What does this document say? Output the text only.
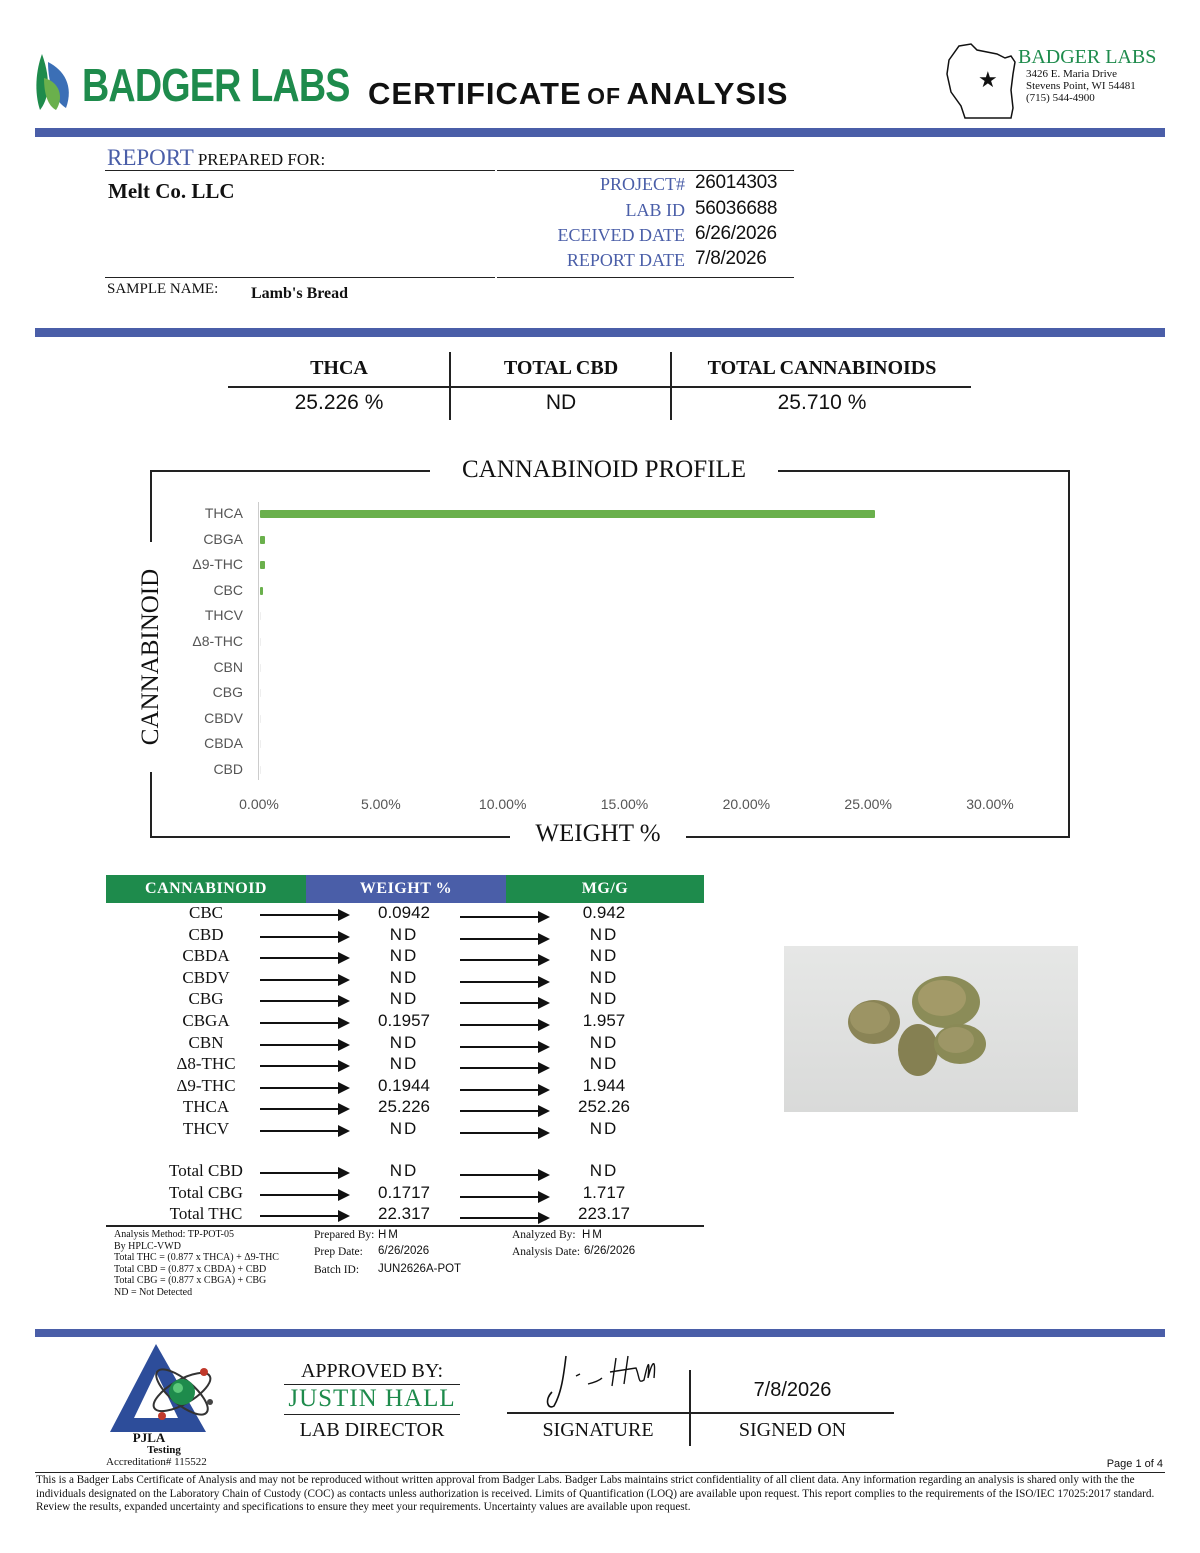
BADGER LABS CERTIFICATE OF ANALYSIS	★
BADGER LABS
3426 E. Maria Drive
Stevens Point, WI 54481
(715) 544-4900
REPORT PREPARED FOR:
Melt Co. LLC	PROJECT# 26014303
LAB ID 56036688
ECEIVED DATE 6/26/2026
REPORT DATE 7/8/2026
SAMPLE NAME: Lamb's Bread
THCA	TOTAL CBD	TOTAL CANNABINOIDS
25.226 %	ND	25.710 %
CANNABINOID PROFILE
WEIGHT %
CANNABINOID
THCA
CBGA
Δ9-THC
CBC
THCV
Δ8-THC
CBN
CBG
CBDV
CBDA
CBD
0.00%	5.00%	10.00%	15.00%	20.00%	25.00%	30.00%
CANNABINOID	WEIGHT %	MG/G
CBC	0.0942	0.942
CBD	ND	ND
CBDA	ND	ND
CBDV	ND	ND
CBG	ND	ND
CBGA	0.1957	1.957
CBN	ND	ND
Δ8-THC	ND	ND
Δ9-THC	0.1944	1.944
THCA	25.226	252.26
THCV	ND	ND
Total CBD	ND	ND
Total CBG	0.1717	1.717
Total THC	22.317	223.17
Analysis Method: TP-POT-05
By HPLC-VWD
Total THC = (0.877 x THCA) + Δ9-THC
Total CBD = (0.877 x CBDA) + CBD
Total CBG = (0.877 x CBGA) + CBG
ND = Not Detected
Prepared By: HM
Prep Date: 6/26/2026
Batch ID: JUN2626A-POT
Analyzed By: HM
Analysis Date: 6/26/2026
PJLA
Testing
Accreditation# 115522
APPROVED BY:
JUSTIN HALL
LAB DIRECTOR	SIGNATURE
7/8/2026
SIGNED ON
Page 1 of 4
This is a Badger Labs Certificate of Analysis and may not be reproduced without written approval from Badger Labs. Badger Labs maintains strict confidentiality of all client data. Any information regarding an analysis is shared only with the the individuals designated on the Laboratory Chain of Custody (COC) as contacts unless authorization is received. Limits of Quantification (LOQ) are available upon request. This report complies to the requirements of the ISO/IEC 17025:2017 standard. Review the results, expanded uncertainty and specifications to ensure they meet your requirements. Uncertainty values are available upon request.
